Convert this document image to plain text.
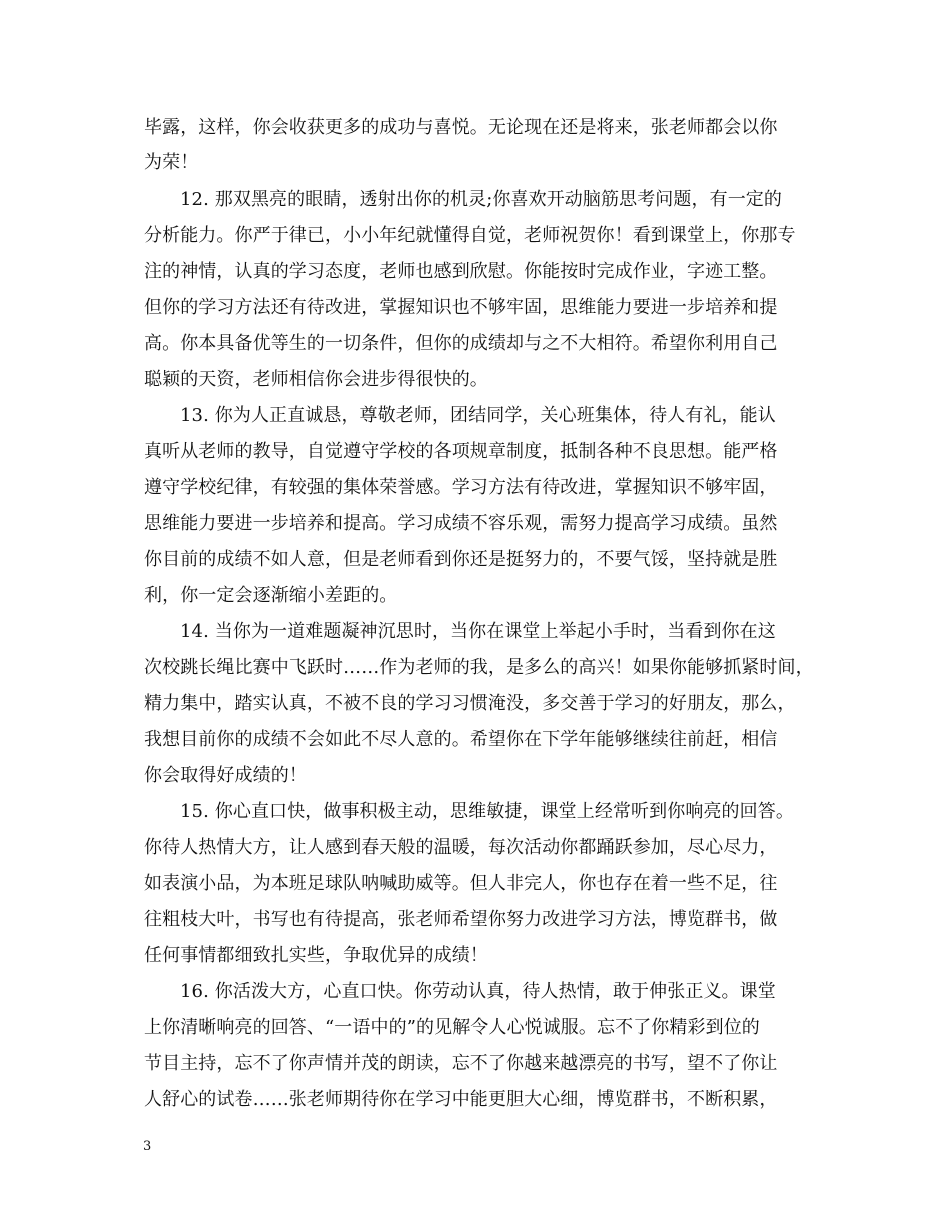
毕露，这样，你会收获更多的成功与喜悦。无论现在还是将来，张老师都会以你
为荣！
12. 那双黑亮的眼睛，透射出你的机灵;你喜欢开动脑筋思考问题，有一定的
分析能力。你严于律已，小小年纪就懂得自觉，老师祝贺你！看到课堂上，你那专
注的神情，认真的学习态度，老师也感到欣慰。你能按时完成作业，字迹工整。
但你的学习方法还有待改进，掌握知识也不够牢固，思维能力要进一步培养和提
高。你本具备优等生的一切条件，但你的成绩却与之不大相符。希望你利用自己
聪颖的天资，老师相信你会进步得很快的。
13. 你为人正直诚恳，尊敬老师，团结同学，关心班集体，待人有礼，能认
真听从老师的教导，自觉遵守学校的各项规章制度，抵制各种不良思想。能严格
遵守学校纪律，有较强的集体荣誉感。学习方法有待改进，掌握知识不够牢固，
思维能力要进一步培养和提高。学习成绩不容乐观，需努力提高学习成绩。虽然
你目前的成绩不如人意，但是老师看到你还是挺努力的，不要气馁，坚持就是胜
利，你一定会逐渐缩小差距的。
14. 当你为一道难题凝神沉思时，当你在课堂上举起小手时，当看到你在这
次校跳长绳比赛中飞跃时……作为老师的我，是多么的高兴！如果你能够抓紧时间，
精力集中，踏实认真，不被不良的学习习惯淹没，多交善于学习的好朋友，那么，
我想目前你的成绩不会如此不尽人意的。希望你在下学年能够继续往前赶，相信
你会取得好成绩的！
15. 你心直口快，做事积极主动，思维敏捷，课堂上经常听到你响亮的回答。
你待人热情大方，让人感到春天般的温暖，每次活动你都踊跃参加，尽心尽力，
如表演小品，为本班足球队呐喊助威等。但人非完人，你也存在着一些不足，往
往粗枝大叶，书写也有待提高，张老师希望你努力改进学习方法，博览群书，做
任何事情都细致扎实些，争取优异的成绩！
16. 你活泼大方，心直口快。你劳动认真，待人热情，敢于伸张正义。课堂
上你清晰响亮的回答、“一语中的”的见解令人心悦诚服。忘不了你精彩到位的
节目主持，忘不了你声情并茂的朗读，忘不了你越来越漂亮的书写，望不了你让
人舒心的试卷……张老师期待你在学习中能更胆大心细，博览群书，不断积累，
3
